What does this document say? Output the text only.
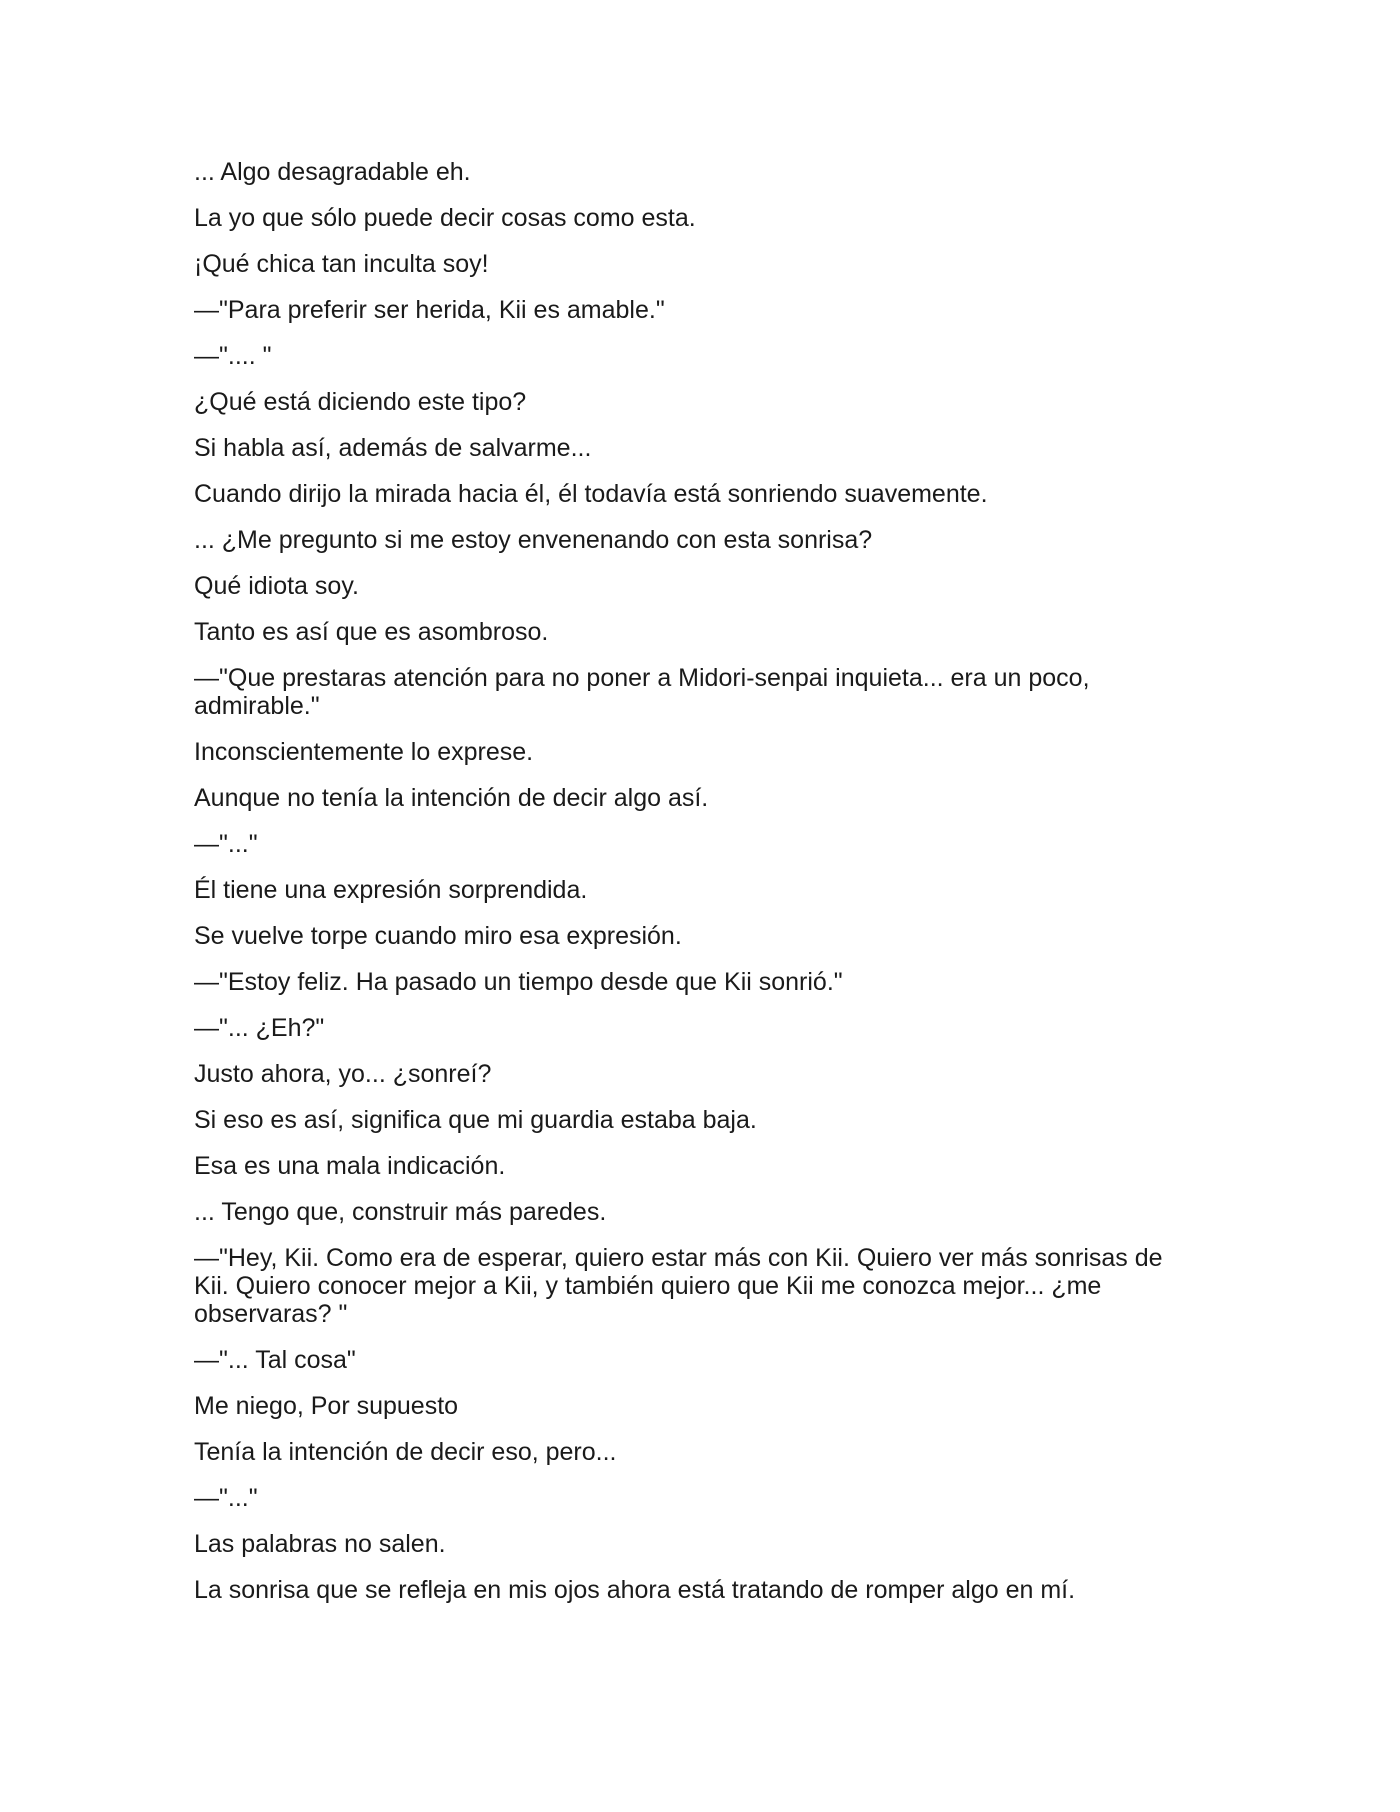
... Algo desagradable eh.

La yo que sólo puede decir cosas como esta.

¡Qué chica tan inculta soy!

—"Para preferir ser herida, Kii es amable."

—".... "

¿Qué está diciendo este tipo?

Si habla así, además de salvarme...

Cuando dirijo la mirada hacia él, él todavía está sonriendo suavemente.

... ¿Me pregunto si me estoy envenenando con esta sonrisa?

Qué idiota soy.

Tanto es así que es asombroso.

—"Que prestaras atención para no poner a Midori-senpai inquieta... era un poco, admirable."

Inconscientemente lo exprese.

Aunque no tenía la intención de decir algo así.

—"..."

Él tiene una expresión sorprendida.

Se vuelve torpe cuando miro esa expresión.

—"Estoy feliz. Ha pasado un tiempo desde que Kii sonrió."

—"... ¿Eh?"

Justo ahora, yo... ¿sonreí?

Si eso es así, significa que mi guardia estaba baja.

Esa es una mala indicación.

... Tengo que, construir más paredes.

—"Hey, Kii. Como era de esperar, quiero estar más con Kii. Quiero ver más sonrisas de Kii. Quiero conocer mejor a Kii, y también quiero que Kii me conozca mejor... ¿me observaras? "

—"... Tal cosa"

Me niego, Por supuesto

Tenía la intención de decir eso, pero...

—"..."

Las palabras no salen.

La sonrisa que se refleja en mis ojos ahora está tratando de romper algo en mí.
